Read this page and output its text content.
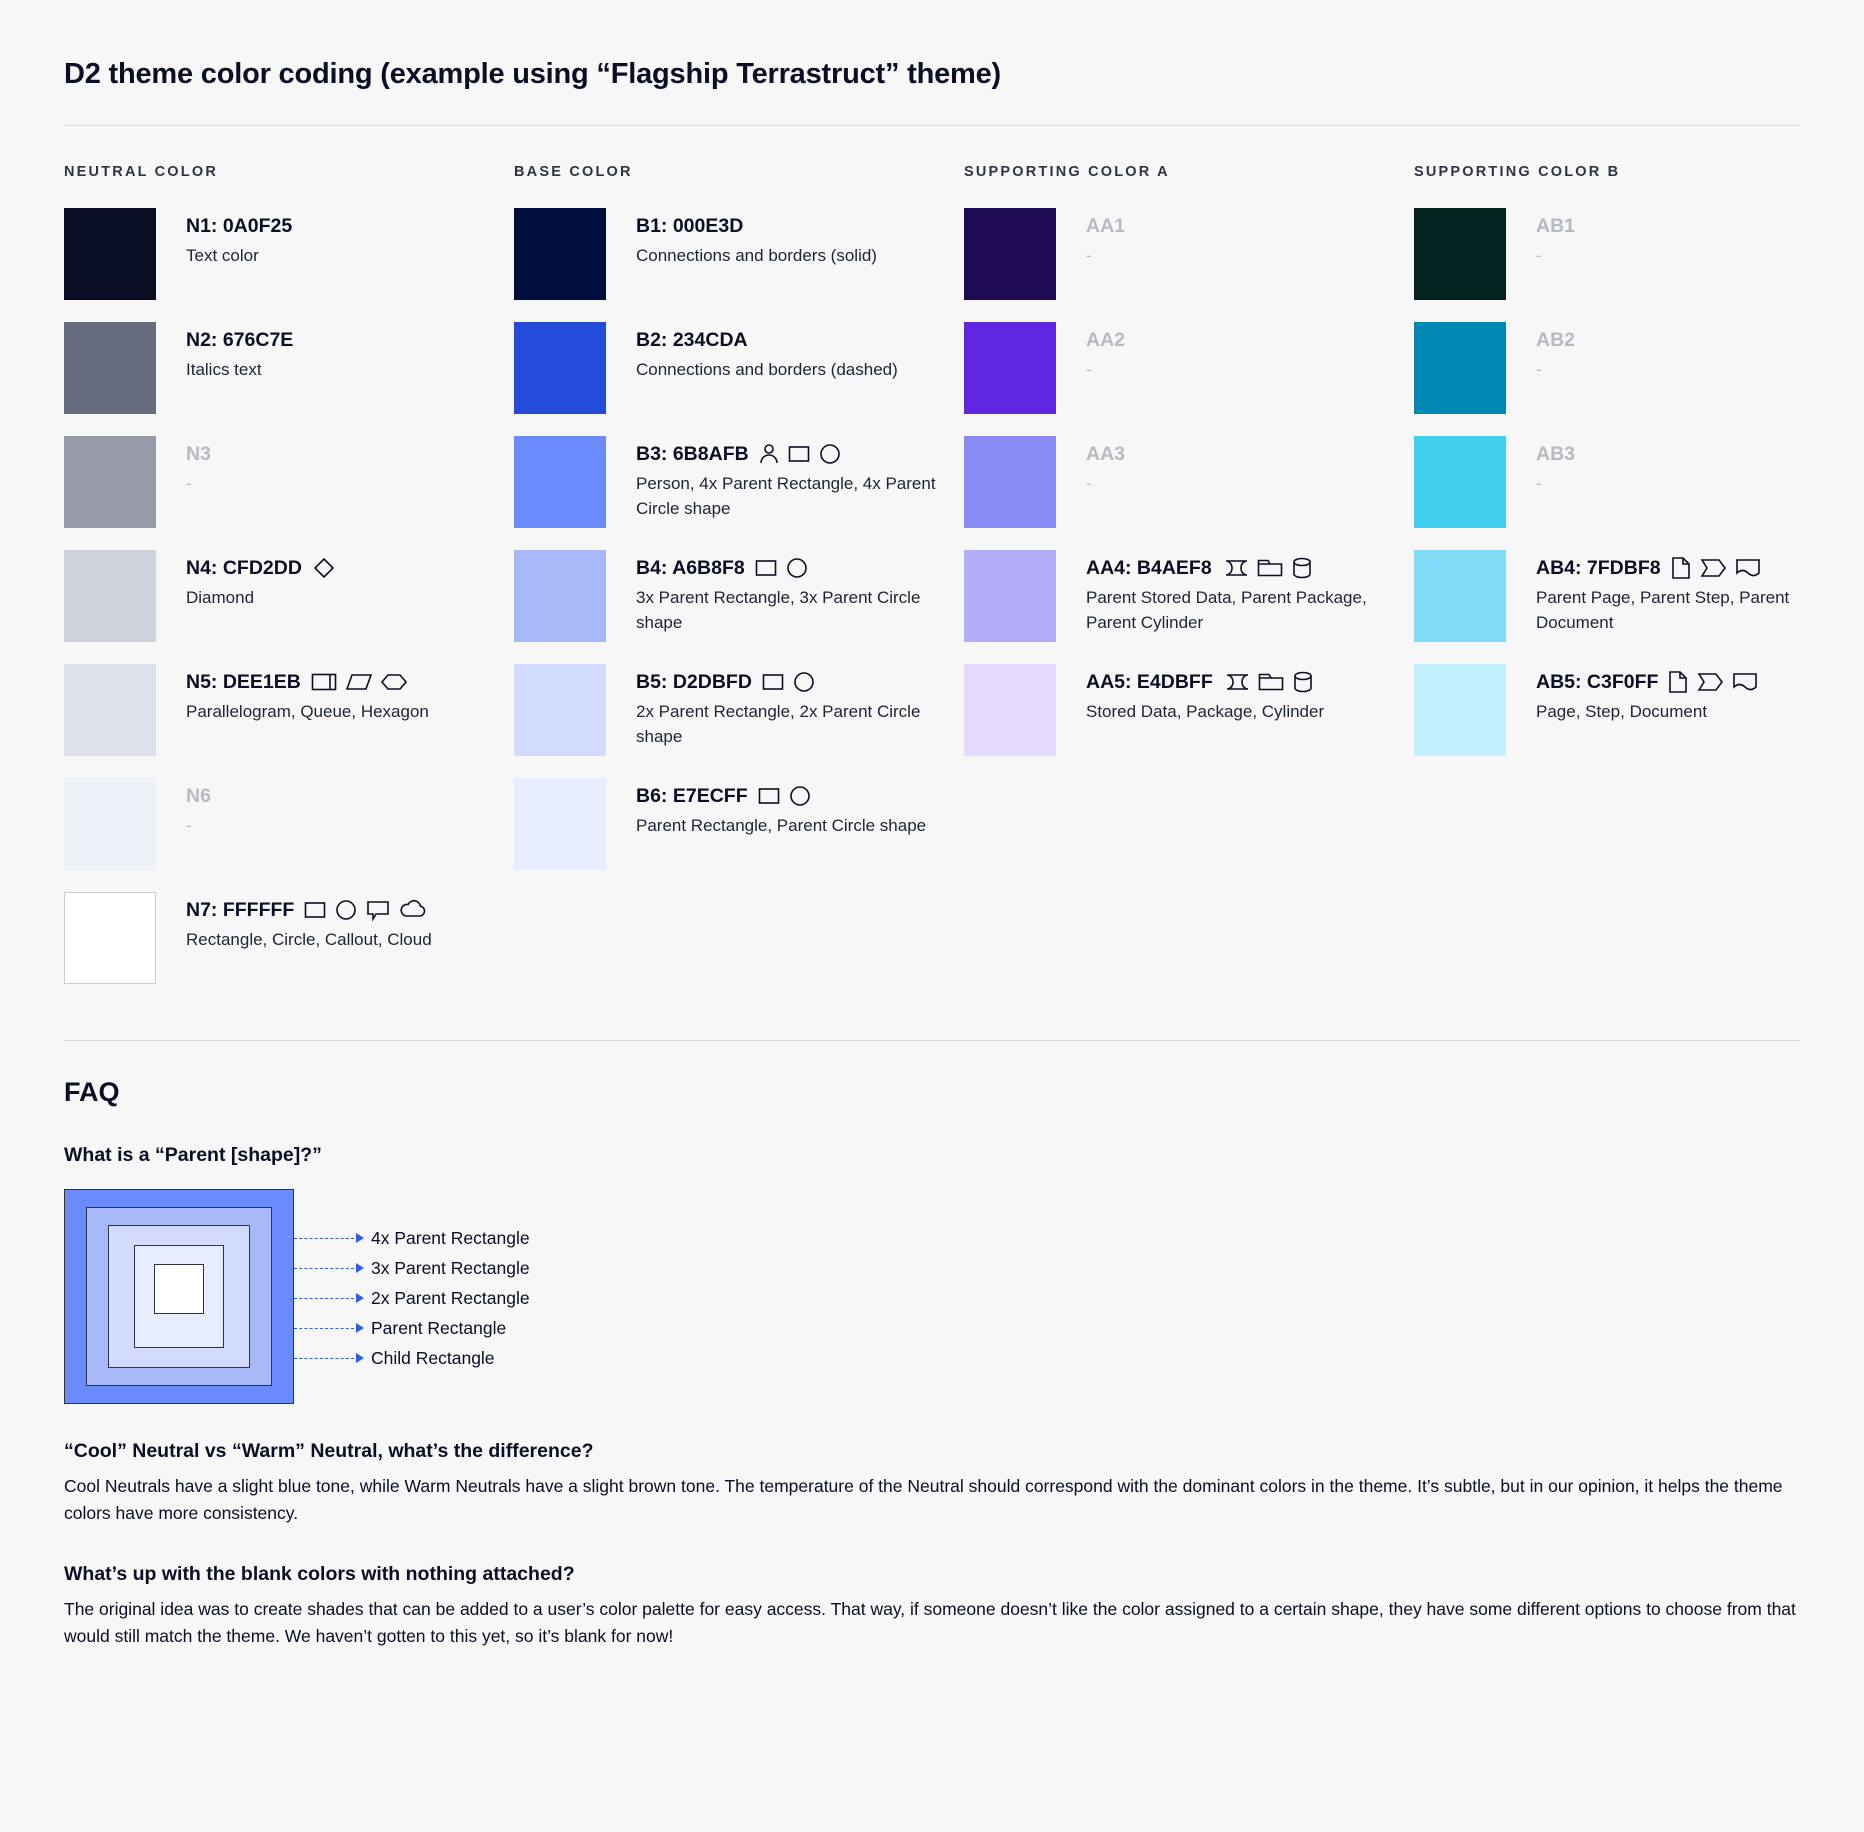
D2 theme color coding (example using “Flagship Terrastruct” theme)
NEUTRAL COLOR
N1: 0A0F25
Text color
N2: 676C7E
Italics text
N3
-
N4: CFD2DD
Diamond
N5: DEE1EB
Parallelogram, Queue, Hexagon
N6
-
N7: FFFFFF
Rectangle, Circle, Callout, Cloud
BASE COLOR
B1: 000E3D
Connections and borders (solid)
B2: 234CDA
Connections and borders (dashed)
B3: 6B8AFB
Person, 4x Parent Rectangle, 4x Parent Circle shape
B4: A6B8F8
3x Parent Rectangle, 3x Parent Circle shape
B5: D2DBFD
2x Parent Rectangle, 2x Parent Circle shape
B6: E7ECFF
Parent Rectangle, Parent Circle shape
SUPPORTING COLOR A
AA1
-
AA2
-
AA3
-
AA4: B4AEF8
Parent Stored Data, Parent Package, Parent Cylinder
AA5: E4DBFF
Stored Data, Package, Cylinder
SUPPORTING COLOR B
AB1
-
AB2
-
AB3
-
AB4: 7FDBF8
Parent Page, Parent Step, Parent Document
AB5: C3F0FF
Page, Step, Document
FAQ
What is a “Parent [shape]?”
4x Parent Rectangle
3x Parent Rectangle
2x Parent Rectangle
Parent Rectangle
Child Rectangle
“Cool” Neutral vs “Warm” Neutral, what’s the difference?

Cool Neutrals have a slight blue tone, while Warm Neutrals have a slight brown tone. The temperature of the Neutral should correspond with the dominant colors in the theme. It’s subtle, but in our opinion, it helps the theme colors have more consistency.

What’s up with the blank colors with nothing attached?

The original idea was to create shades that can be added to a user’s color palette for easy access. That way, if someone doesn’t like the color assigned to a certain shape, they have some different options to choose from that would still match the theme. We haven’t gotten to this yet, so it’s blank for now!
